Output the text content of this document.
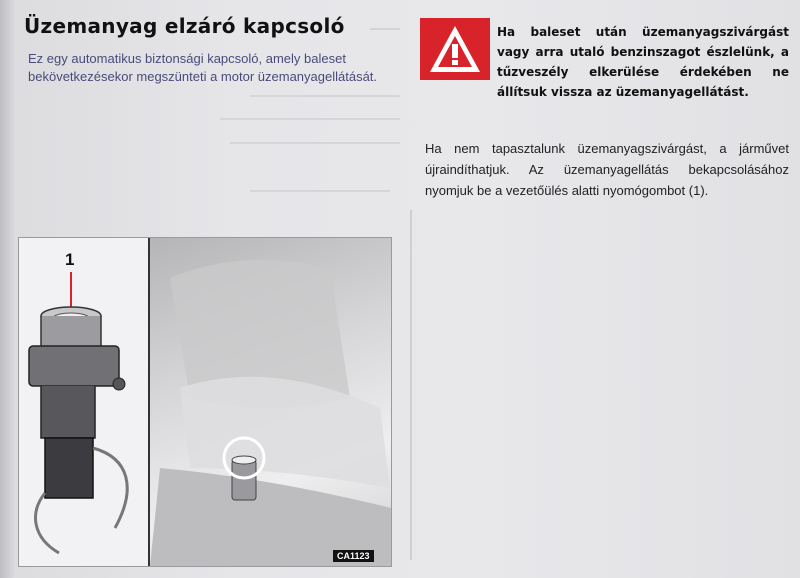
Üzemanyag elzáró kapcsoló
Ez egy automatikus biztonsági kapcsoló, amely baleset bekövetkezésekor megszünteti a motor üzemanyagellátását.
Ha baleset után üzemanyagszivárgást vagy arra utaló benzinszagot észlelünk, a tűzveszély elkerülése érdekében ne állítsuk vissza az üzemanyagellátást.
Ha nem tapasztalunk üzemanyagszivárgást, a járművet újraindíthatjuk. Az üzemanyagellátás bekapcsolásához nyomjuk be a vezetőülés alatti nyomógombot (1).
1
CA1123
